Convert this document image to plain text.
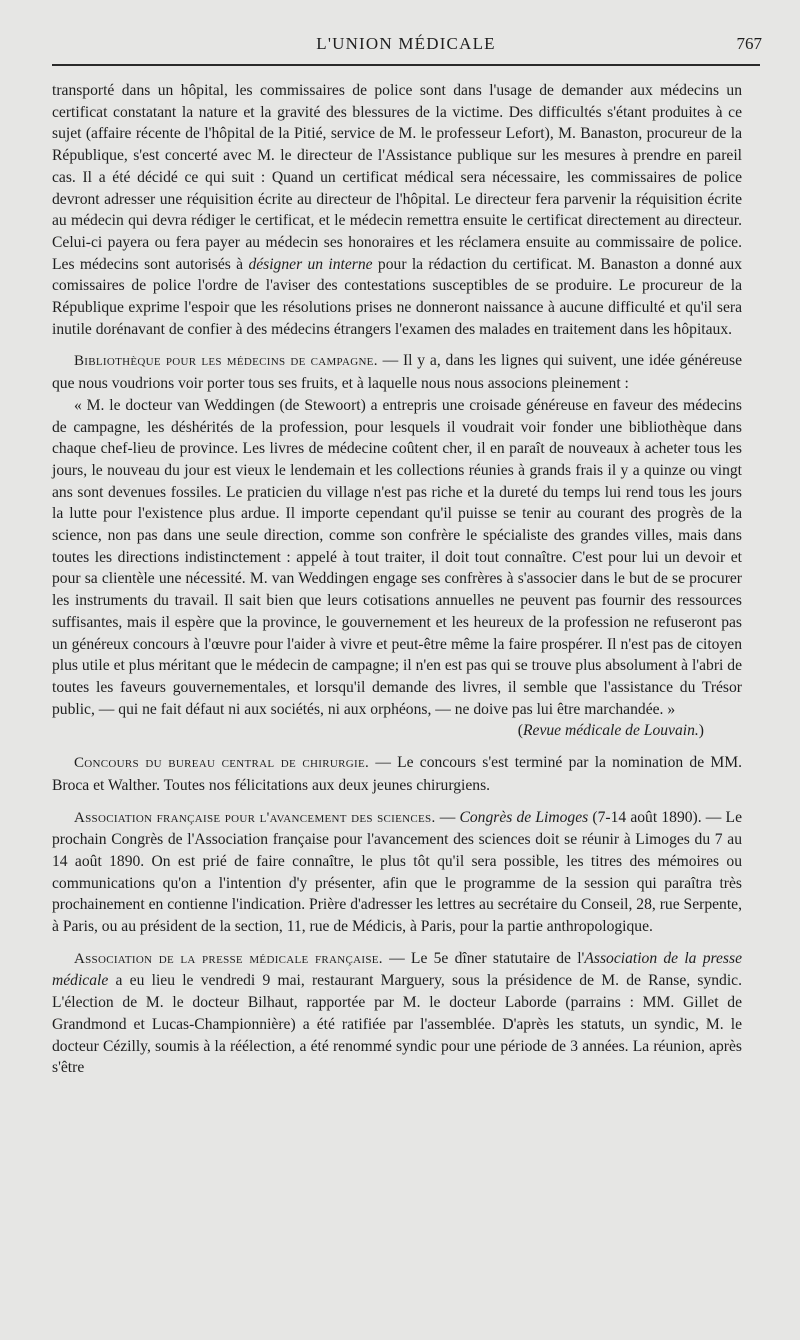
L'UNION MÉDICALE	767

transporté dans un hôpital, les commissaires de police sont dans l'usage de demander aux médecins un certificat constatant la nature et la gravité des blessures de la victime. Des difficultés s'étant produites à ce sujet (affaire récente de l'hôpital de la Pitié, service de M. le professeur Lefort), M. Banaston, procureur de la République, s'est concerté avec M. le directeur de l'Assistance publique sur les mesures à prendre en pareil cas. Il a été décidé ce qui suit : Quand un certificat médical sera nécessaire, les commissaires de police devront adresser une réquisition écrite au directeur de l'hôpital. Le directeur fera parvenir la réquisition écrite au médecin qui devra rédiger le certificat, et le médecin remettra ensuite le certificat directement au directeur. Celui-ci payera ou fera payer au médecin ses honoraires et les réclamera ensuite au commissaire de police. Les médecins sont autorisés à désigner un interne pour la rédaction du certificat. M. Banaston a donné aux comissaires de police l'ordre de l'aviser des contestations susceptibles de se produire. Le procureur de la République exprime l'espoir que les résolutions prises ne donneront naissance à aucune difficulté et qu'il sera inutile dorénavant de confier à des médecins étrangers l'examen des malades en traitement dans les hôpitaux.

Bibliothèque pour les médecins de campagne. — Il y a, dans les lignes qui suivent, une idée généreuse que nous voudrions voir porter tous ses fruits, et à laquelle nous nous associons pleinement :

« M. le docteur van Weddingen (de Stewoort) a entrepris une croisade généreuse en faveur des médecins de campagne, les déshérités de la profession, pour lesquels il voudrait voir fonder une bibliothèque dans chaque chef-lieu de province. Les livres de médecine coûtent cher, il en paraît de nouveaux à acheter tous les jours, le nouveau du jour est vieux le lendemain et les collections réunies à grands frais il y a quinze ou vingt ans sont devenues fossiles. Le praticien du village n'est pas riche et la dureté du temps lui rend tous les jours la lutte pour l'existence plus ardue. Il importe cependant qu'il puisse se tenir au courant des progrès de la science, non pas dans une seule direction, comme son confrère le spécialiste des grandes villes, mais dans toutes les directions indistinctement : appelé à tout traiter, il doit tout connaître. C'est pour lui un devoir et pour sa clientèle une nécessité. M. van Weddingen engage ses confrères à s'associer dans le but de se procurer les instruments du travail. Il sait bien que leurs cotisations annuelles ne peuvent pas fournir des ressources suffisantes, mais il espère que la province, le gouvernement et les heureux de la profession ne refuseront pas un généreux concours à l'œuvre pour l'aider à vivre et peut-être même la faire prospérer. Il n'est pas de citoyen plus utile et plus méritant que le médecin de campagne; il n'en est pas qui se trouve plus absolument à l'abri de toutes les faveurs gouvernementales, et lorsqu'il demande des livres, il semble que l'assistance du Trésor public, — qui ne fait défaut ni aux sociétés, ni aux orphéons, — ne doive pas lui être marchandée. »

(Revue médicale de Louvain.)

Concours du bureau central de chirurgie. — Le concours s'est terminé par la nomination de MM. Broca et Walther. Toutes nos félicitations aux deux jeunes chirurgiens.

Association française pour l'avancement des sciences. — Congrès de Limoges (7-14 août 1890). — Le prochain Congrès de l'Association française pour l'avancement des sciences doit se réunir à Limoges du 7 au 14 août 1890. On est prié de faire connaître, le plus tôt qu'il sera possible, les titres des mémoires ou communications qu'on a l'intention d'y présenter, afin que le programme de la session qui paraîtra très prochainement en contienne l'indication. Prière d'adresser les lettres au secrétaire du Conseil, 28, rue Serpente, à Paris, ou au président de la section, 11, rue de Médicis, à Paris, pour la partie anthropologique.

Association de la presse médicale française. — Le 5e dîner statutaire de l'Association de la presse médicale a eu lieu le vendredi 9 mai, restaurant Marguery, sous la présidence de M. de Ranse, syndic. L'élection de M. le docteur Bilhaut, rapportée par M. le docteur Laborde (parrains : MM. Gillet de Grandmond et Lucas-Championnière) a été ratifiée par l'assemblée. D'après les statuts, un syndic, M. le docteur Cézilly, soumis à la réélection, a été renommé syndic pour une période de 3 années. La réunion, après s'être
